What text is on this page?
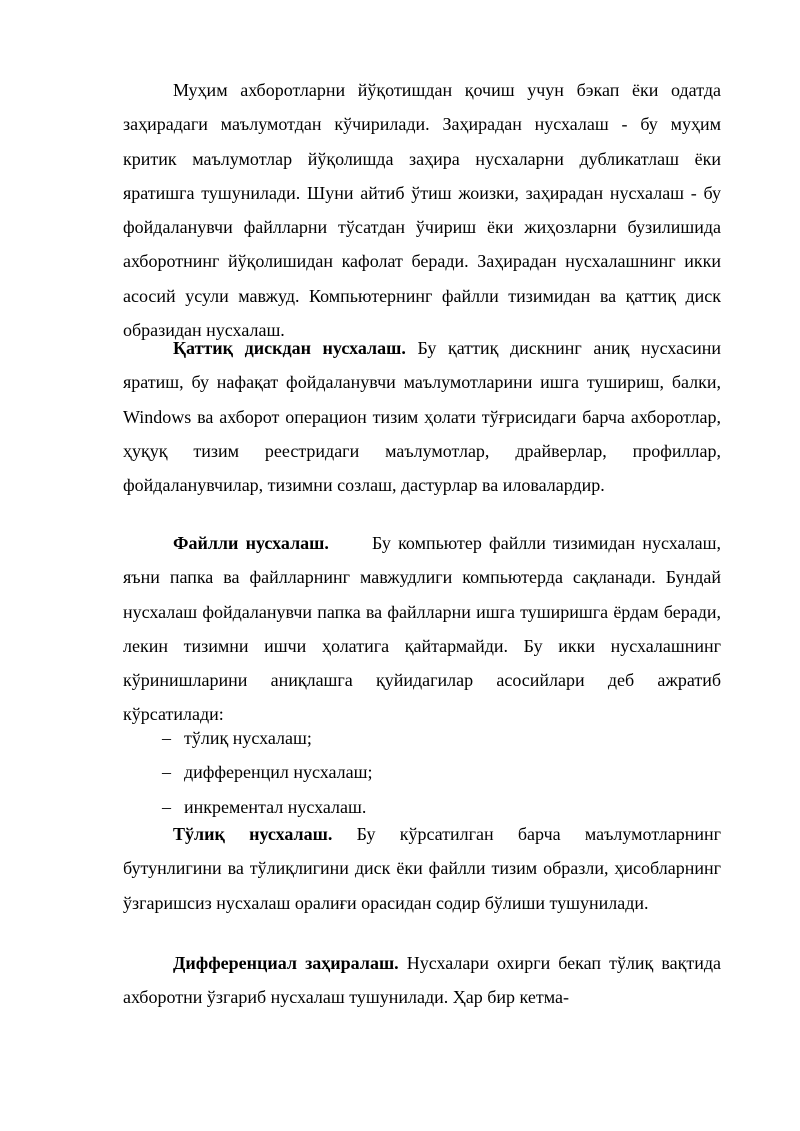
Муҳим ахборотларни йўқотишдан қочиш учун бэкап ёки одатда заҳирадаги маълумотдан кўчирилади. Заҳирадан нусхалаш - бу муҳим критик маълумотлар йўқолишда заҳира нусхаларни дубликатлаш ёки яратишга тушунилади. Шуни айтиб ўтиш жоизки, заҳирадан нусхалаш - бу фойдаланувчи файлларни тўсатдан ўчириш ёки жиҳозларни бузилишида ахборотнинг йўқолишидан кафолат беради. Заҳирадан нусхалашнинг икки асосий усули мавжуд. Компьютернинг файлли тизимидан ва қаттиқ диск образидан нусхалаш.

Қаттиқ дискдан нусхалаш. Бу қаттиқ дискнинг аниқ нусхасини яратиш, бу нафақат фойдаланувчи маълумотларини ишга тушириш, балки, Windows ва ахборот операцион тизим ҳолати тўғрисидаги барча ахборотлар, ҳуқуқ тизим реестридаги маълумотлар, драйверлар, профиллар, фойдаланувчилар, тизимни созлаш, дастурлар ва иловалардир.

Файлли нусхалаш.      Бу компьютер файлли тизимидан нусхалаш, яъни папка ва файлларнинг мавжудлиги компьютерда сақланади. Бундай нусхалаш фойдаланувчи папка ва файлларни ишга туширишга ёрдам беради, лекин тизимни ишчи ҳолатига қайтармайди. Бу икки нусхалашнинг кўринишларини аниқлашга қуйидагилар асосийлари деб ажратиб кўрсатилади:

– тўлиқ нусхалаш;
– дифференцил нусхалаш;
– инкрементал нусхалаш.

Тўлиқ нусхалаш. Бу кўрсатилган барча маълумотларнинг бутунлигини ва тўлиқлигини диск ёки файлли тизим образли, ҳисобларнинг ўзгаришсиз нусхалаш оралиғи орасидан содир бўлиши тушунилади.

Дифференциал заҳиралаш. Нусхалари охирги бекап тўлиқ вақтида ахборотни ўзгариб нусхалаш тушунилади. Ҳар бир кетма-
